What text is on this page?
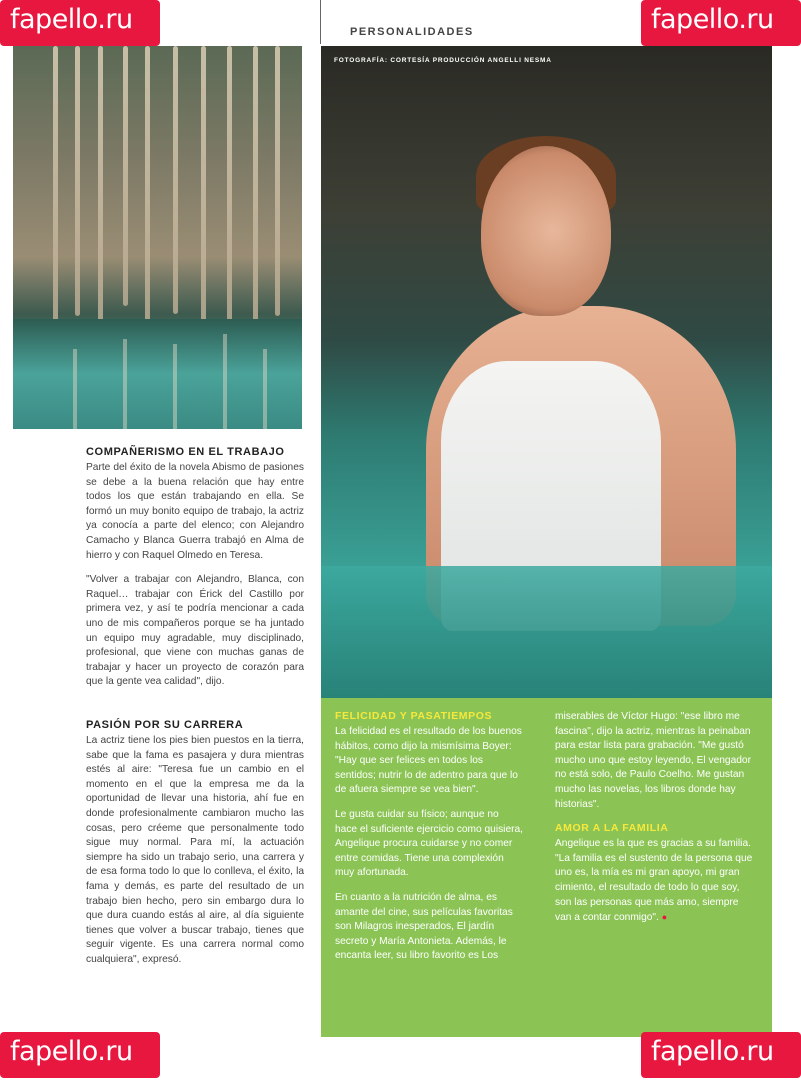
fapello.ru	fapello.ru
fapello.ru	fapello.ru
PERSONALIDADES
FOTOGRAFÍA: CORTESÍA PRODUCCIÓN ANGELLI NESMA
COMPAÑERISMO EN EL TRABAJO

Parte del éxito de la novela Abismo de pasiones se debe a la buena relación que hay entre todos los que están trabajando en ella. Se formó un muy bonito equipo de trabajo, la actriz ya conocía a parte del elenco; con Alejandro Camacho y Blanca Guerra trabajó en Alma de hierro y con Raquel Olmedo en Teresa.

"Volver a trabajar con Alejandro, Blanca, con Raquel… trabajar con Érick del Castillo por primera vez, y así te podría mencionar a cada uno de mis compañeros porque se ha juntado un equipo muy agradable, muy disciplinado, profesional, que viene con muchas ganas de trabajar y hacer un proyecto de corazón para que la gente vea calidad", dijo.

PASIÓN POR SU CARRERA

La actriz tiene los pies bien puestos en la tierra, sabe que la fama es pasajera y dura mientras estés al aire: "Teresa fue un cambio en el momento en el que la empresa me da la oportunidad de llevar una historia, ahí fue en donde profesionalmente cambiaron mucho las cosas, pero créeme que personalmente todo sigue muy normal. Para mí, la actuación siempre ha sido un trabajo serio, una carrera y de esa forma todo lo que lo conlleva, el éxito, la fama y demás, es parte del resultado de un trabajo bien hecho, pero sin embargo dura lo que dura cuando estás al aire, al día siguiente tienes que volver a buscar trabajo, tienes que seguir vigente. Es una carrera normal como cualquiera", expresó.

FELICIDAD Y PASATIEMPOS

La felicidad es el resultado de los buenos hábitos, como dijo la mismísima Boyer: "Hay que ser felices en todos los sentidos; nutrir lo de adentro para que lo de afuera siempre se vea bien".

Le gusta cuidar su físico; aunque no hace el suficiente ejercicio como quisiera, Angelique procura cuidarse y no comer entre comidas. Tiene una complexión muy afortunada.

En cuanto a la nutrición de alma, es amante del cine, sus películas favoritas son Milagros inesperados, El jardín secreto y María Antonieta. Además, le encanta leer, su libro favorito es Los

miserables de Víctor Hugo: "ese libro me fascina", dijo la actriz, mientras la peinaban para estar lista para grabación. "Me gustó mucho uno que estoy leyendo, El vengador no está solo, de Paulo Coelho. Me gustan mucho las novelas, los libros donde hay historias".

AMOR A LA FAMILIA

Angelique es la que es gracias a su familia. "La familia es el sustento de la persona que uno es, la mía es mi gran apoyo, mi gran cimiento, el resultado de todo lo que soy, son las personas que más amo, siempre van a contar conmigo". ●
